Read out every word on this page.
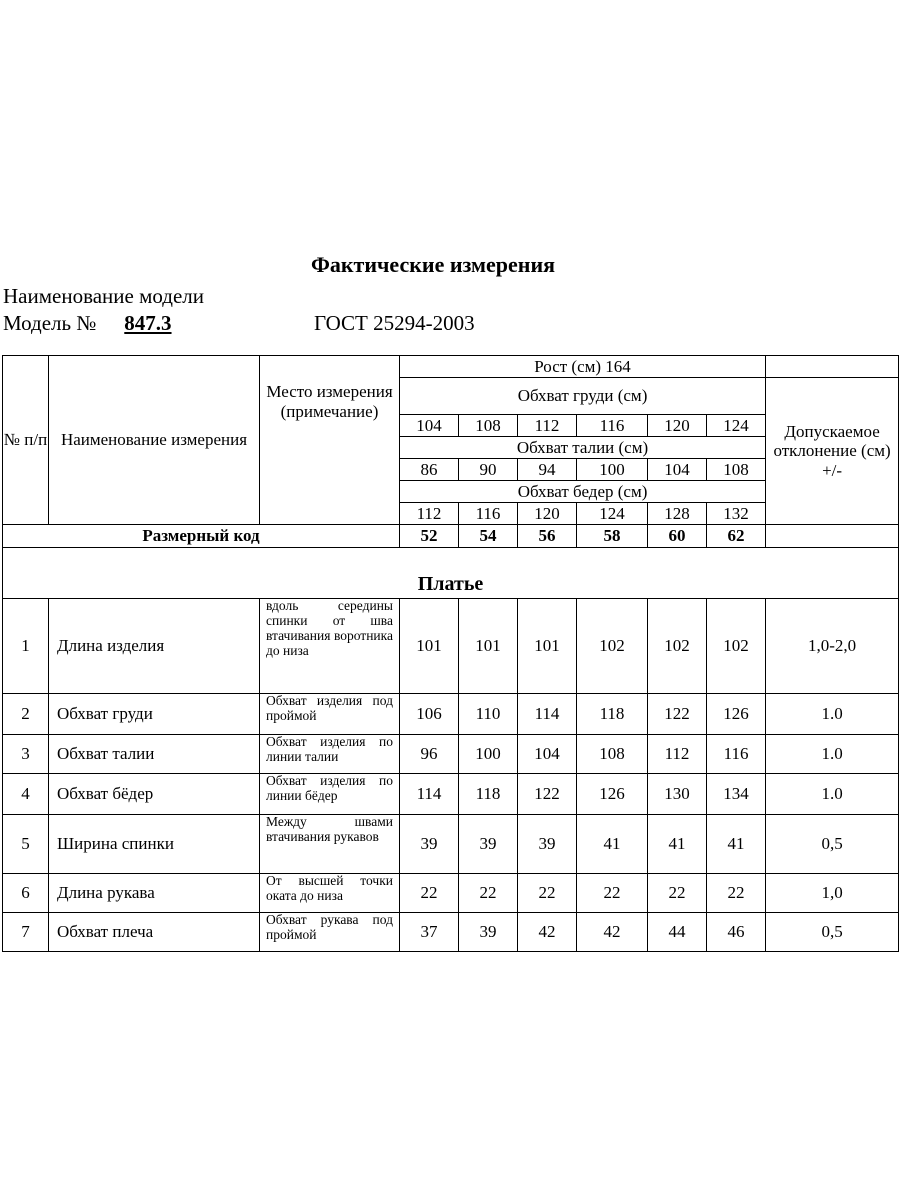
Фактические измерения
Наименование модели
Модель № 847.3	ГОСТ 25294-2003
№ п/п	Наименование измерения	Место измерения (примечание)	Рост (см) 164						
			Обхват груди (см)						Допускаемое отклонение (см) +/-
			104	108	112	116	120	124	
			Обхват талии (см)						
			86	90	94	100	104	108	
			Обхват бедер (см)						
			112	116	120	124	128	132	
Размерный код			52	54	56	58	60	62	
Платье									
1	Длина изделия	вдоль середины спинки от шва втачивания воротника до низа	101	101	101	102	102	102	1,0-2,0
2	Обхват груди	Обхват изделия под проймой	106	110	114	118	122	126	1.0
3	Обхват талии	Обхват изделия по линии талии	96	100	104	108	112	116	1.0
4	Обхват бёдер	Обхват изделия по линии бёдер	114	118	122	126	130	134	1.0
5	Ширина спинки	Между швами втачивания рукавов	39	39	39	41	41	41	0,5
6	Длина рукава	От высшей точки оката до низа	22	22	22	22	22	22	1,0
7	Обхват плеча	Обхват рукава под проймой	37	39	42	42	44	46	0,5
